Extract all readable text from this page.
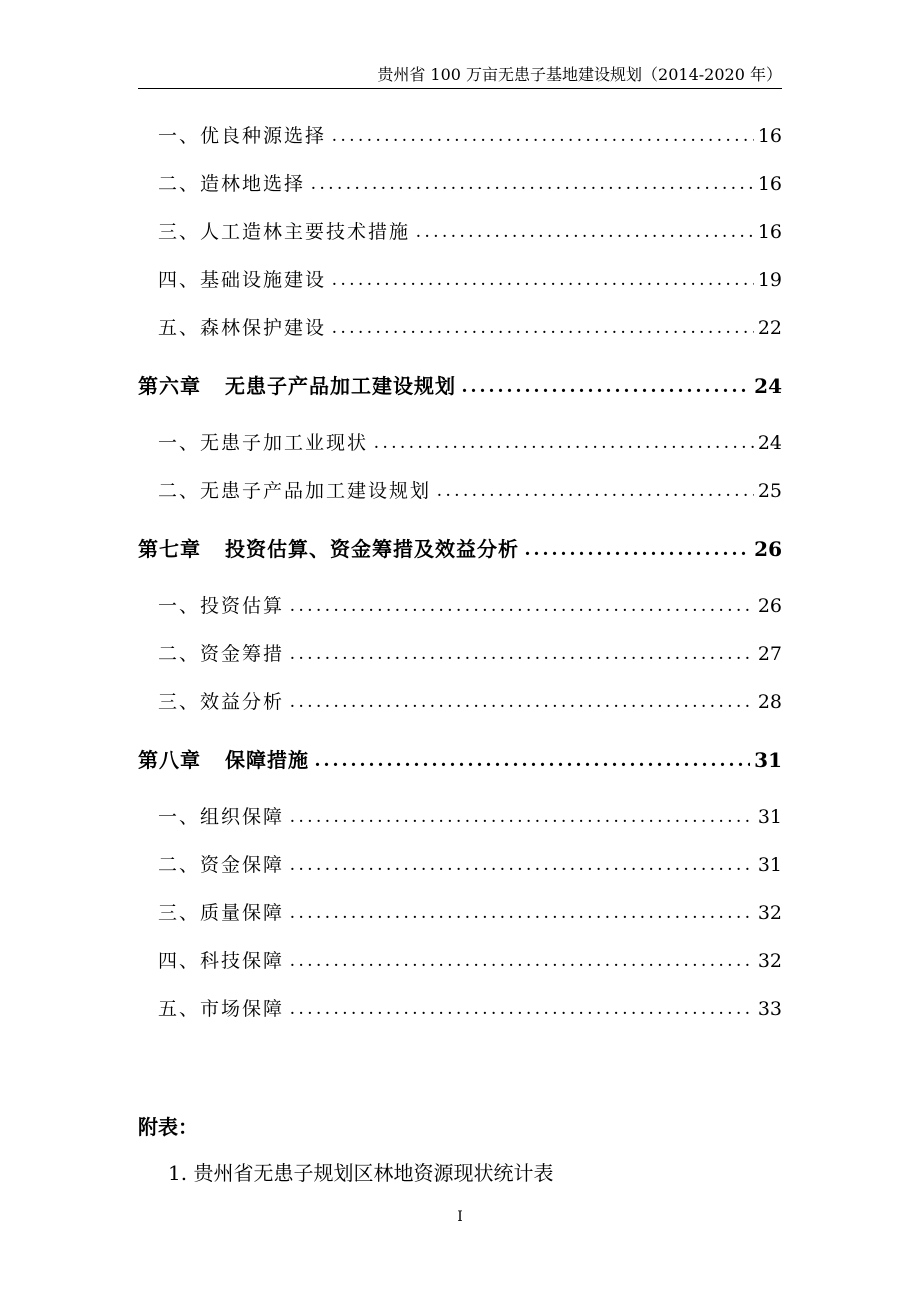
贵州省 100 万亩无患子基地建设规划（2014-2020 年）
一、优良种源选择 .....	16
二、造林地选择 .....	16
三、人工造林主要技术措施 .....	16
四、基础设施建设 .....	19
五、森林保护建设 .....	22
第六章 无患子产品加工建设规划 .....	24
一、无患子加工业现状 .....	24
二、无患子产品加工建设规划 .....	25
第七章 投资估算、资金筹措及效益分析 .....	26
一、投资估算 .....	26
二、资金筹措 .....	27
三、效益分析 .....	28
第八章 保障措施 .....	31
一、组织保障 .....	31
二、资金保障 .....	31
三、质量保障 .....	32
四、科技保障 .....	32
五、市场保障 .....	33
附表：
1. 贵州省无患子规划区林地资源现状统计表
I
